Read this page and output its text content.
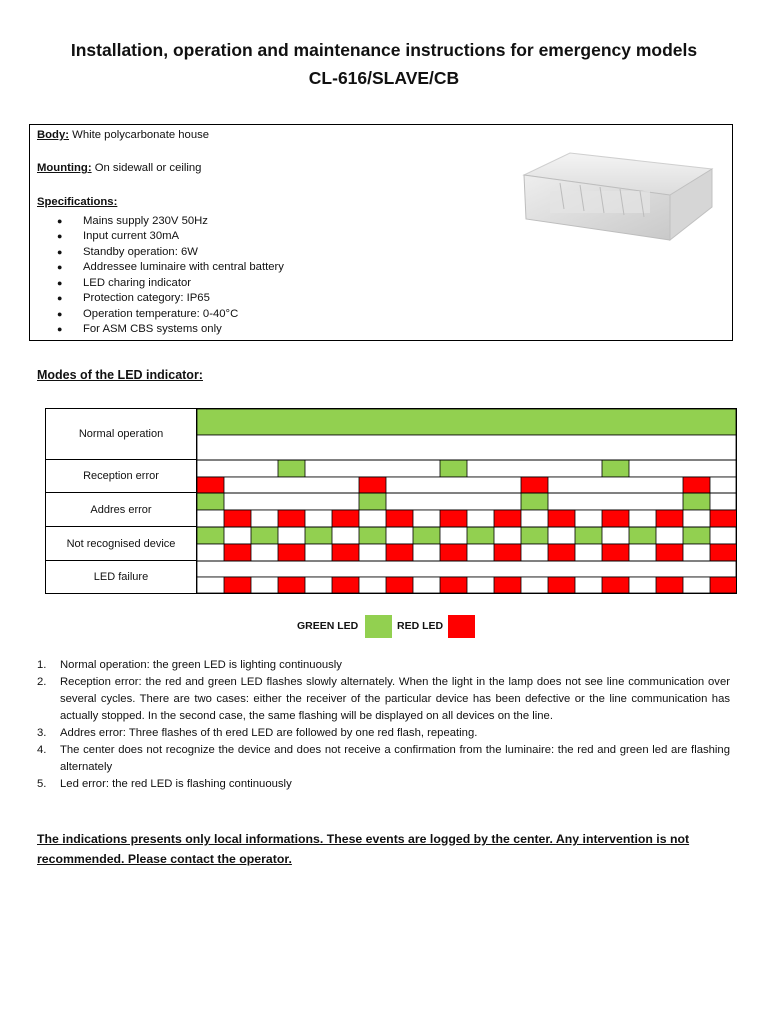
Installation, operation and maintenance instructions for emergency models
CL-616/SLAVE/CB
Body: White polycarbonate house
Mounting: On sidewall or ceiling
Specifications:
● Mains supply 230V 50Hz
● Input current 30mA
● Standby operation: 6W
● Addressee luminaire with central battery
● LED charing indicator
● Protection category: IP65
● Operation temperature: 0-40°C
● For ASM CBS systems only
Modes of the LED indicator:
Normal operation
Reception error
Addres error
Not recognised device
LED failure
GREEN LED	RED LED
1. Normal operation: the green LED is lighting continuously
2. Reception error: the red and green LED flashes slowly alternately. When the light in the lamp does not see line communication over several cycles. There are two cases: either the receiver of the particular device has been defective or the line communication has actually stopped. In the second case, the same flashing will be displayed on all devices on the line.
3. Addres error: Three flashes of th ered LED are followed by one red flash, repeating.
4. The center does not recognize the device and does not receive a confirmation from the luminaire: the red and green led are flashing alternately
5. Led error: the red LED is flashing continuously
The indications presents only local informations. These events are logged by the center. Any intervention is not recommended. Please contact the operator.
